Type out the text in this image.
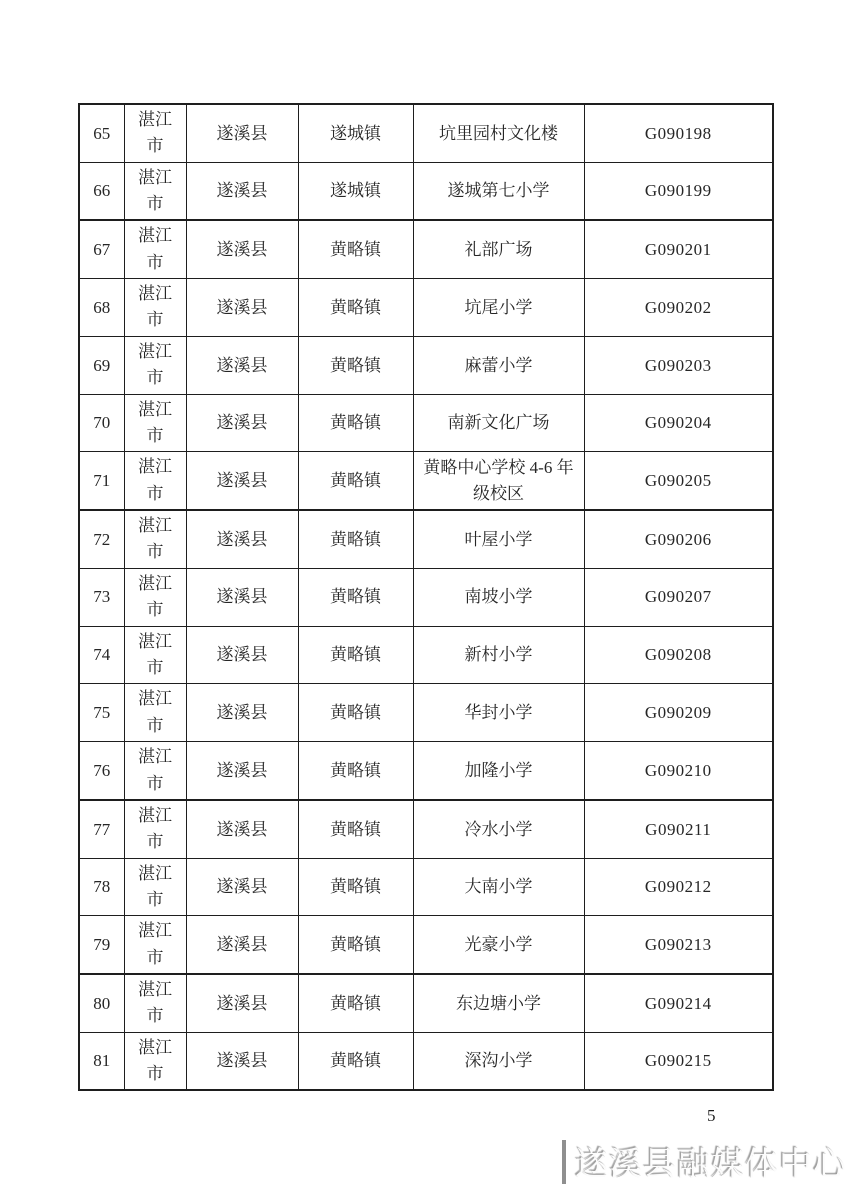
65	湛江市	遂溪县	遂城镇	坑里园村文化楼	G090198
66	湛江市	遂溪县	遂城镇	遂城第七小学	G090199
67	湛江市	遂溪县	黄略镇	礼部广场	G090201
68	湛江市	遂溪县	黄略镇	坑尾小学	G090202
69	湛江市	遂溪县	黄略镇	麻蕾小学	G090203
70	湛江市	遂溪县	黄略镇	南新文化广场	G090204
71	湛江市	遂溪县	黄略镇	黄略中心学校 4-6 年级校区	G090205
72	湛江市	遂溪县	黄略镇	叶屋小学	G090206
73	湛江市	遂溪县	黄略镇	南坡小学	G090207
74	湛江市	遂溪县	黄略镇	新村小学	G090208
75	湛江市	遂溪县	黄略镇	华封小学	G090209
76	湛江市	遂溪县	黄略镇	加隆小学	G090210
77	湛江市	遂溪县	黄略镇	冷水小学	G090211
78	湛江市	遂溪县	黄略镇	大南小学	G090212
79	湛江市	遂溪县	黄略镇	光豪小学	G090213
80	湛江市	遂溪县	黄略镇	东边塘小学	G090214
81	湛江市	遂溪县	黄略镇	深沟小学	G090215
5
遂溪县融媒体中心
